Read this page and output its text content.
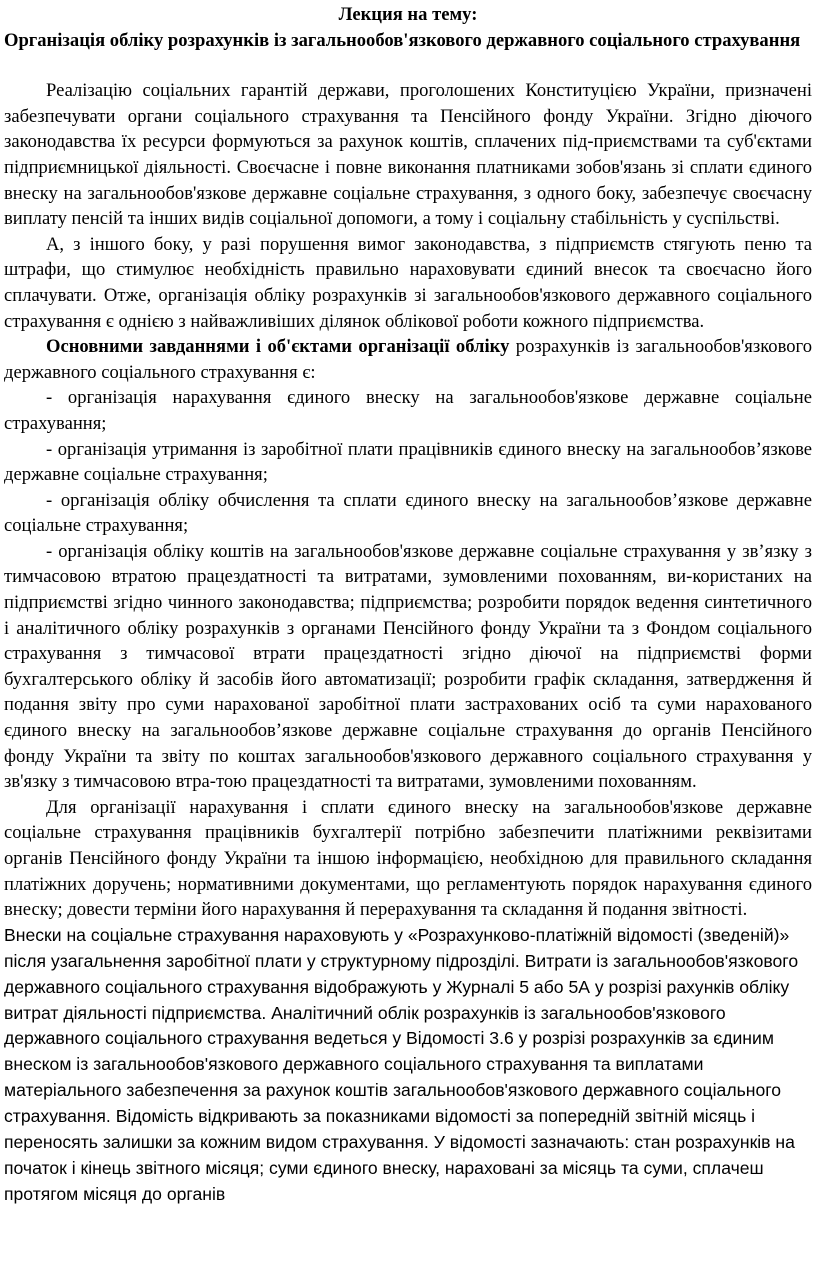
Лекция на тему:

Організація обліку розрахунків із загальнообов'язкового державного соціального страхування

Реалізацію соціальних гарантій держави, проголошених Конституцією України, призначені забезпечувати органи соціального страхування та Пенсійного фонду України. Згідно діючого законодавства їх ресурси формуються за рахунок коштів, сплачених під-приємствами та суб'єктами підприємницької діяльності. Своєчасне і повне виконання платниками зобов'язань зі сплати єдиного внеску на загальнообов'язкове державне соціальне страхування, з одного боку, забезпечує своєчасну виплату пенсій та інших видів соціальної допомоги, а тому і соціальну стабільність у суспільстві.

А, з іншого боку, у разі порушення вимог законодавства, з підприємств стягують пеню та штрафи, що стимулює необхідність правильно нараховувати єдиний внесок та своєчасно його сплачувати. Отже, організація обліку розрахунків зі загальнообов'язкового державного соціального страхування є однією з найважливіших ділянок облікової роботи кожного підприємства.

Основними завданнями і об'єктами організації обліку розрахунків із загальнообов'язкового державного соціального страхування є:

- організація нарахування єдиного внеску на загальнообов'язкове державне соціальне страхування;

- організація утримання із заробітної плати працівників єдиного внеску на загальнообов’язкове державне соціальне страхування;

- організація обліку обчислення та сплати єдиного внеску на загальнообов’язкове державне соціальне страхування;

- організація обліку коштів на загальнообов'язкове державне соціальне страхування у зв’язку з тимчасовою втратою працездатності та витратами, зумовленими похованням, ви-користаних на підприємстві згідно чинного законодавства; підприємства; розробити порядок ведення синтетичного і аналітичного обліку розрахунків з органами Пенсійного фонду України та з Фондом соціального страхування з тимчасової втрати працездатності згідно діючої на підприємстві форми бухгалтерського обліку й засобів його автоматизації; розробити графік складання, затвердження й подання звіту про суми нарахованої заробітної плати застрахованих осіб та суми нарахованого єдиного внеску на загальнообов’язкове державне соціальне страхування до органів Пенсійного фонду України та звіту по коштах загальнообов'язкового державного соціального страхування у зв'язку з тимчасовою втра-тою працездатності та витратами, зумовленими похованням.

Для організації нарахування і сплати єдиного внеску на загальнообов'язкове державне соціальне страхування працівників бухгалтерії потрібно забезпечити платіжними реквізитами органів Пенсійного фонду України та іншою інформацією, необхідною для правильного складання платіжних доручень; нормативними документами, що регламентують порядок нарахування єдиного внеску; довести терміни його нарахування й перерахування та складання й подання звітності.

Внески на соціальне страхування нараховують у «Розрахунково-платіжній відомості (зведеній)» після узагальнення заробітної плати у структурному підрозділі. Витрати із загальнообов'язкового державного соціального страхування відображують у Журналі 5 або 5А у розрізі рахунків обліку витрат діяльності підприємства. Аналітичний облік розрахунків із загальнообов'язкового державного соціального страхування ведеться у Відомості 3.6 у розрізі розрахунків за єдиним внеском із загальнообов'язкового державного соціального страхування та виплатами матеріального забезпечення за рахунок коштів загальнообов'язкового державного соціального страхування. Відомість відкривають за показниками відомості за попередній звітній місяць і переносять залишки за кожним видом страхування. У відомості зазначають: стан розрахунків на початок і кінець звітного місяця; суми єдиного внеску, нараховані за місяць та суми, сплачеш протягом місяця до органів
